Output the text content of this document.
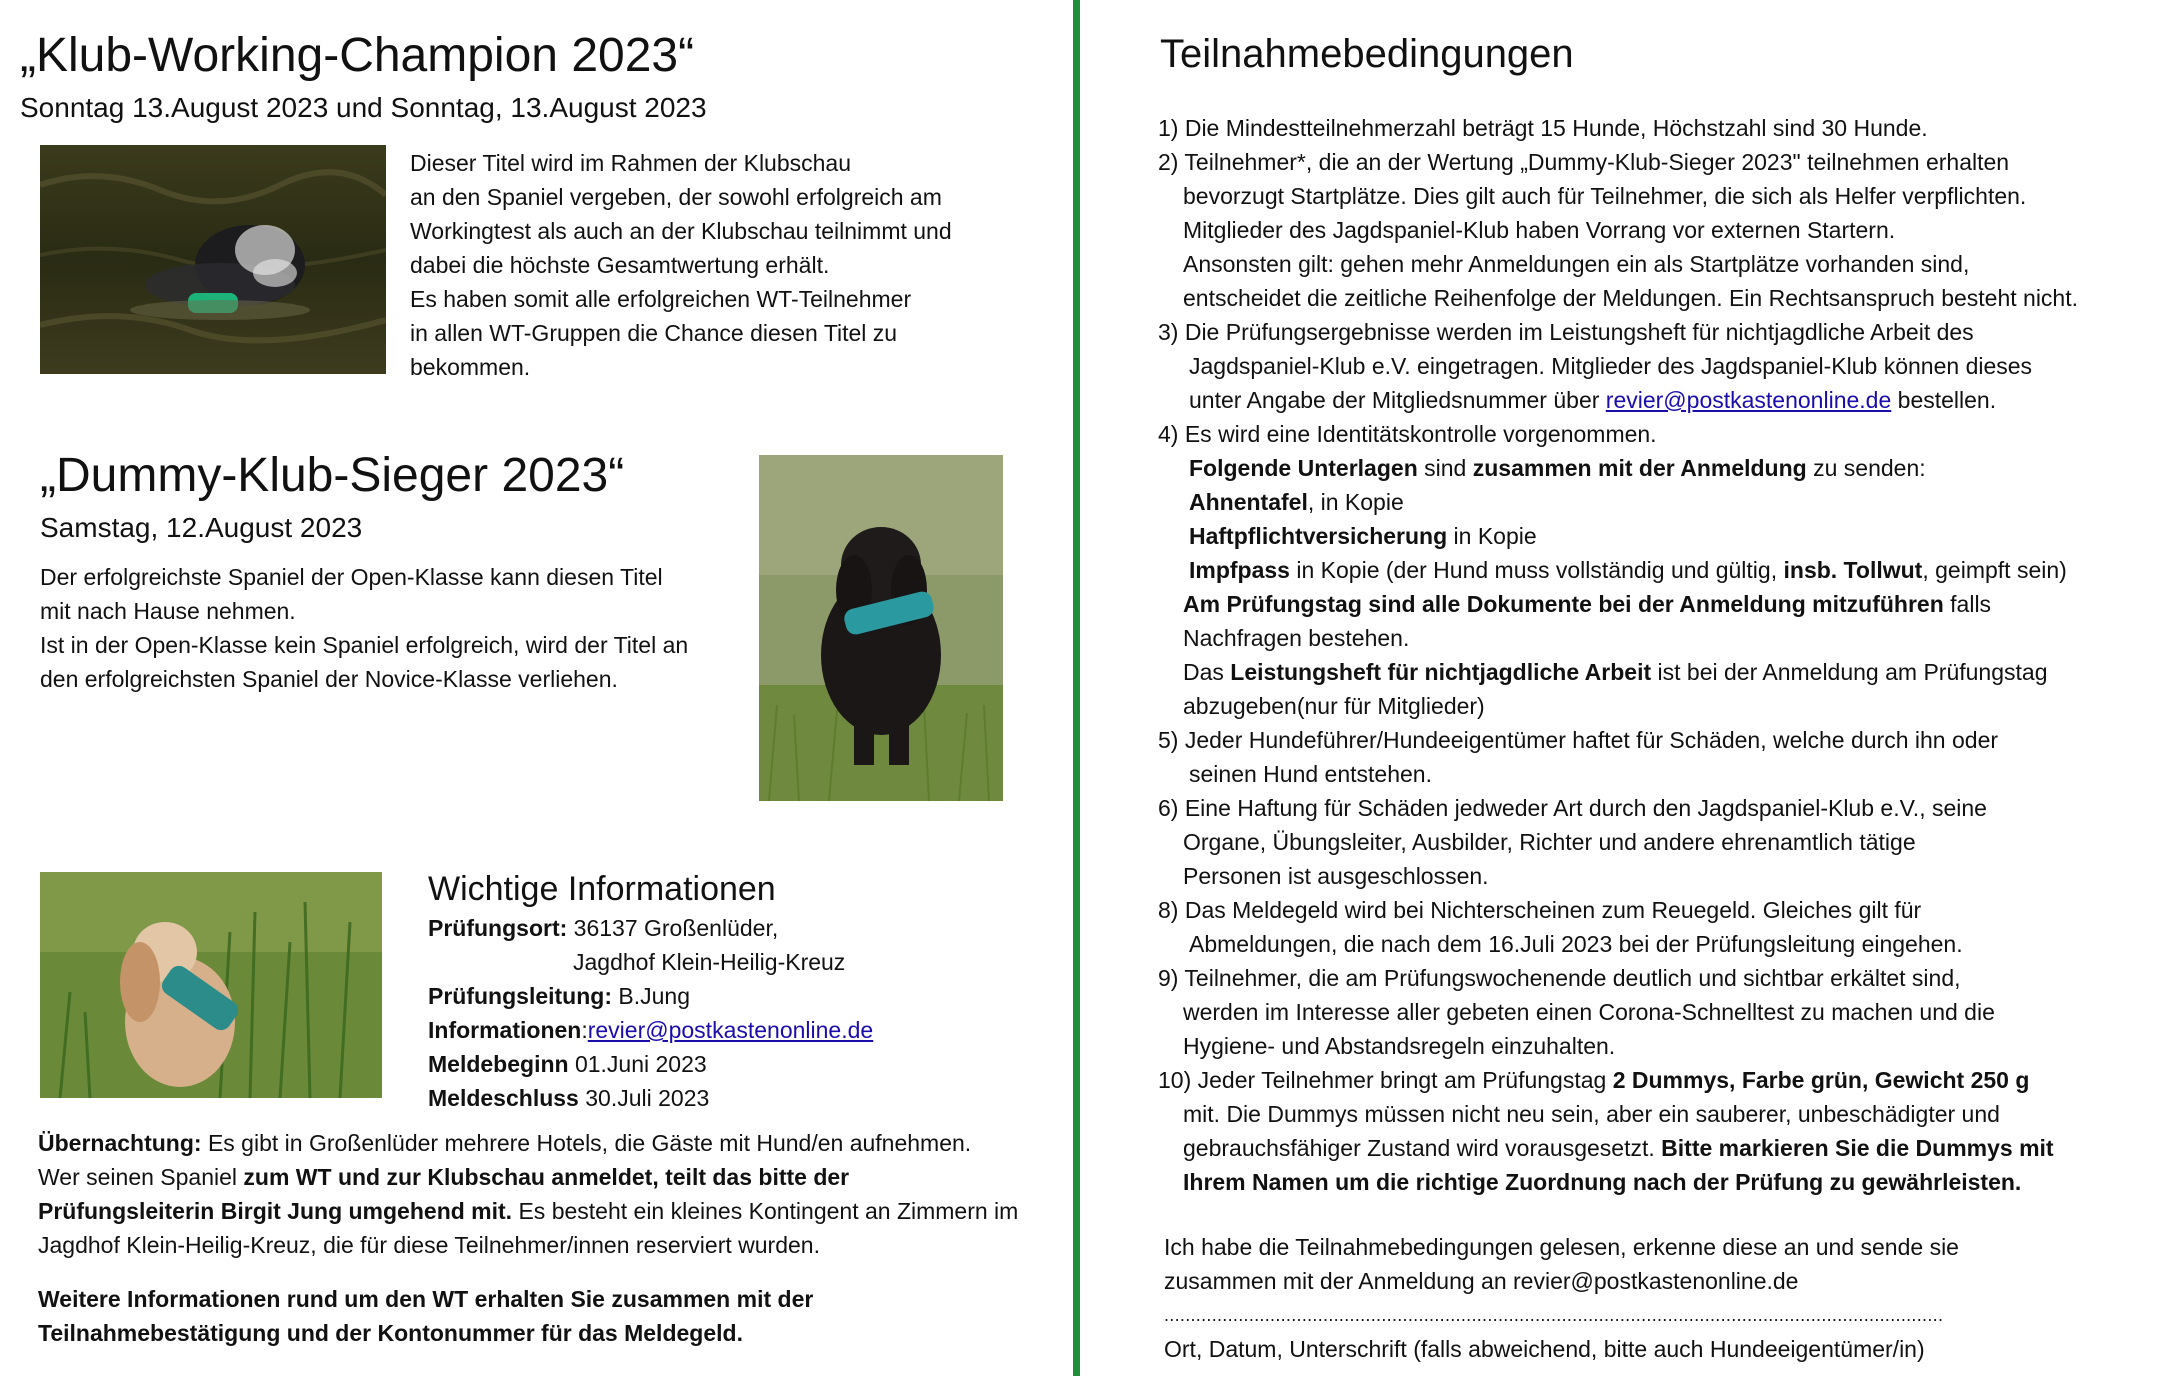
„Klub-Working-Champion 2023“
Sonntag 13.August 2023 und Sonntag, 13.August 2023
Dieser Titel wird im Rahmen der Klubschau
an den Spaniel vergeben, der sowohl erfolgreich am
Workingtest als auch an der Klubschau teilnimmt und
dabei die höchste Gesamtwertung erhält.
Es haben somit alle erfolgreichen WT-Teilnehmer
in allen WT-Gruppen die Chance diesen Titel zu
bekommen.
„Dummy-Klub-Sieger 2023“
Samstag, 12.August 2023
Der erfolgreichste Spaniel der Open-Klasse kann diesen Titel
mit nach Hause nehmen.
Ist in der Open-Klasse kein Spaniel erfolgreich, wird der Titel an
den erfolgreichsten Spaniel der Novice-Klasse verliehen.
Wichtige Informationen
Prüfungsort: 36137 Großenlüder,
Jagdhof Klein-Heilig-Kreuz
Prüfungsleitung: B.Jung
Informationen:revier@postkastenonline.de
Meldebeginn 01.Juni 2023
Meldeschluss 30.Juli 2023
Übernachtung: Es gibt in Großenlüder mehrere Hotels, die Gäste mit Hund/en aufnehmen.
Wer seinen Spaniel zum WT und zur Klubschau anmeldet, teilt das bitte der
Prüfungsleiterin Birgit Jung umgehend mit. Es besteht ein kleines Kontingent an Zimmern im
Jagdhof Klein-Heilig-Kreuz, die für diese Teilnehmer/innen reserviert wurden.
Weitere Informationen rund um den WT erhalten Sie zusammen mit der
Teilnahmebestätigung und der Kontonummer für das Meldegeld.
Teilnahmebedingungen
1) Die Mindestteilnehmerzahl beträgt 15 Hunde, Höchstzahl sind 30 Hunde.
2) Teilnehmer*, die an der Wertung „Dummy-Klub-Sieger 2023" teilnehmen erhalten
bevorzugt Startplätze. Dies gilt auch für Teilnehmer, die sich als Helfer verpflichten.
Mitglieder des Jagdspaniel-Klub haben Vorrang vor externen Startern.
Ansonsten gilt: gehen mehr Anmeldungen ein als Startplätze vorhanden sind,
entscheidet die zeitliche Reihenfolge der Meldungen. Ein Rechtsanspruch besteht nicht.
3) Die Prüfungsergebnisse werden im Leistungsheft für nichtjagdliche Arbeit des
Jagdspaniel-Klub e.V. eingetragen. Mitglieder des Jagdspaniel-Klub können dieses
unter Angabe der Mitgliedsnummer über revier@postkastenonline.de bestellen.
4) Es wird eine Identitätskontrolle vorgenommen.
Folgende Unterlagen sind zusammen mit der Anmeldung zu senden:
Ahnentafel, in Kopie
Haftpflichtversicherung in Kopie
Impfpass in Kopie (der Hund muss vollständig und gültig, insb. Tollwut, geimpft sein)
Am Prüfungstag sind alle Dokumente bei der Anmeldung mitzuführen falls
Nachfragen bestehen.
Das Leistungsheft für nichtjagdliche Arbeit ist bei der Anmeldung am Prüfungstag
abzugeben(nur für Mitglieder)
5) Jeder Hundeführer/Hundeeigentümer haftet für Schäden, welche durch ihn oder
seinen Hund entstehen.
6) Eine Haftung für Schäden jedweder Art durch den Jagdspaniel-Klub e.V., seine
Organe, Übungsleiter, Ausbilder, Richter und andere ehrenamtlich tätige
Personen ist ausgeschlossen.
8) Das Meldegeld wird bei Nichterscheinen zum Reuegeld. Gleiches gilt für
Abmeldungen, die nach dem 16.Juli 2023 bei der Prüfungsleitung eingehen.
9) Teilnehmer, die am Prüfungswochenende deutlich und sichtbar erkältet sind,
werden im Interesse aller gebeten einen Corona-Schnelltest zu machen und die
Hygiene- und Abstandsregeln einzuhalten.
10) Jeder Teilnehmer bringt am Prüfungstag 2 Dummys, Farbe grün, Gewicht 250 g
mit. Die Dummys müssen nicht neu sein, aber ein sauberer, unbeschädigter und
gebrauchsfähiger Zustand wird vorausgesetzt. Bitte markieren Sie die Dummys mit
Ihrem Namen um die richtige Zuordnung nach der Prüfung zu gewährleisten.
Ich habe die Teilnahmebedingungen gelesen, erkenne diese an und sende sie
zusammen mit der Anmeldung an revier@postkastenonline.de
...................................................................................................................................................
Ort, Datum, Unterschrift (falls abweichend, bitte auch Hundeeigentümer/in)
